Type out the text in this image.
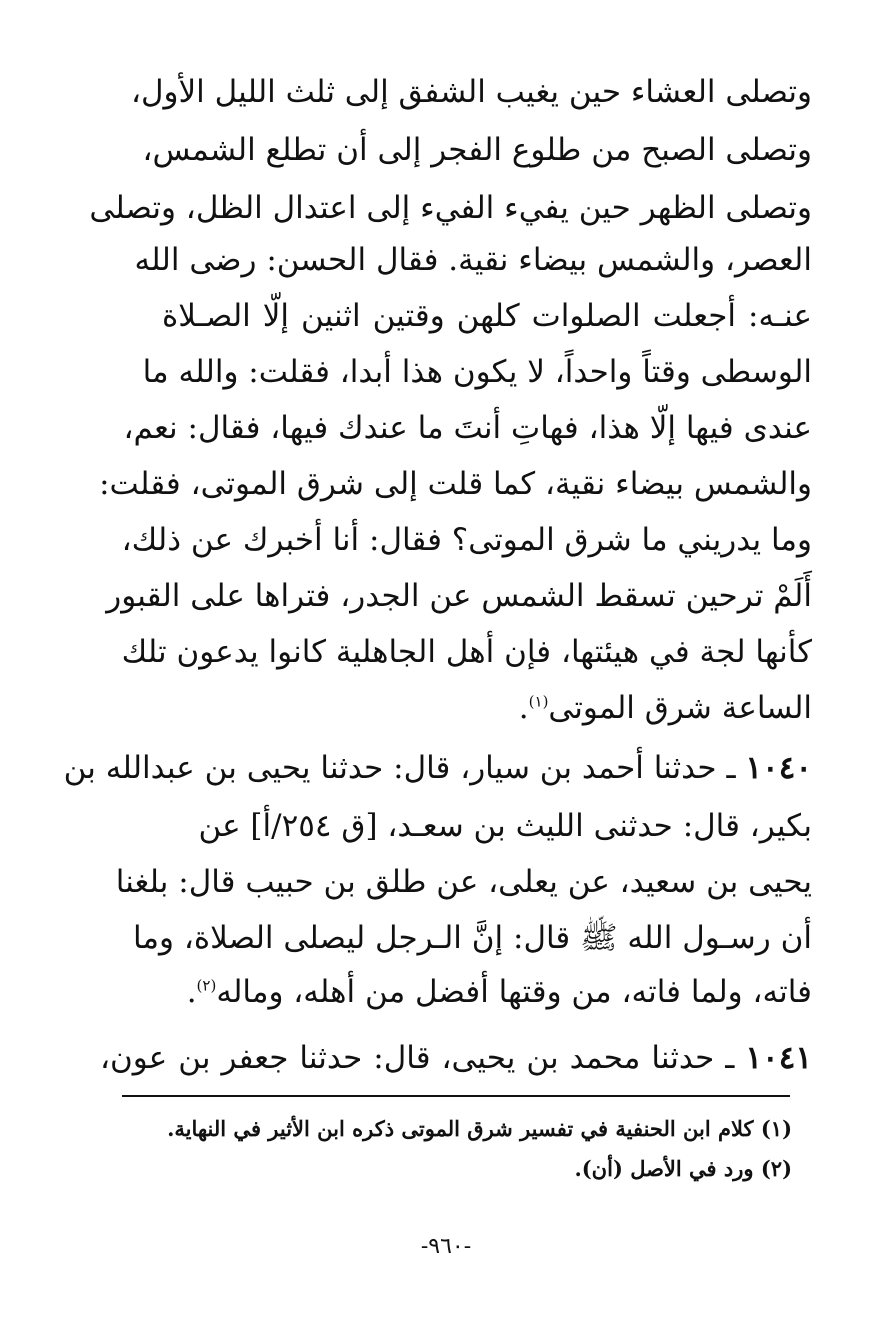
وتصلى العشاء حين يغيب الشفق إلى ثلث الليل الأول،
وتصلى الصبح من طلوع الفجر إلى أن تطلع الشمس،
وتصلى الظهر حين يفيء الفيء إلى اعتدال الظل، وتصلى
العصر، والشمس بيضاء نقية. فقال الحسن: رضى الله
عنـه: أجعلت الصلوات كلهن وقتين اثنين إلّا الصـلاة
الوسطى وقتاً واحداً، لا يكون هذا أبدا، فقلت: والله ما
عندى فيها إلّا هذا، فهاتِ أنتَ ما عندك فيها، فقال: نعم،
والشمس بيضاء نقية، كما قلت إلى شرق الموتى، فقلت:
وما يدريني ما شرق الموتى؟ فقال: أنا أخبرك عن ذلك،
أَلَمْ ترحين تسقط الشمس عن الجدر، فتراها على القبور
كأنها لجة في هيئتها، فإن أهل الجاهلية كانوا يدعون تلك
الساعة شرق الموتى$^{(١)}$.
١٠٤٠ ـ حدثنا أحمد بن سيار، قال: حدثنا يحيى بن عبدالله بن
بكير، قال: حدثنى الليث بن سعـد، [ق ٢٥٤/أ] عن
يحيى بن سعيد، عن يعلى، عن طلق بن حبيب قال: بلغنا
أن رسـول الله ﷺ قال: إنَّ الـرجل ليصلى الصلاة، وما
فاته، ولما فاته، من وقتها أفضل من أهله، وماله$^{(٢)}$.
١٠٤١ ـ حدثنا محمد بن يحيى، قال: حدثنا جعفر بن عون،
(١) كلام ابن الحنفية في تفسير شرق الموتى ذكره ابن الأثير في النهاية.
(٢) ورد في الأصل (أن).
-٩٦٠-
